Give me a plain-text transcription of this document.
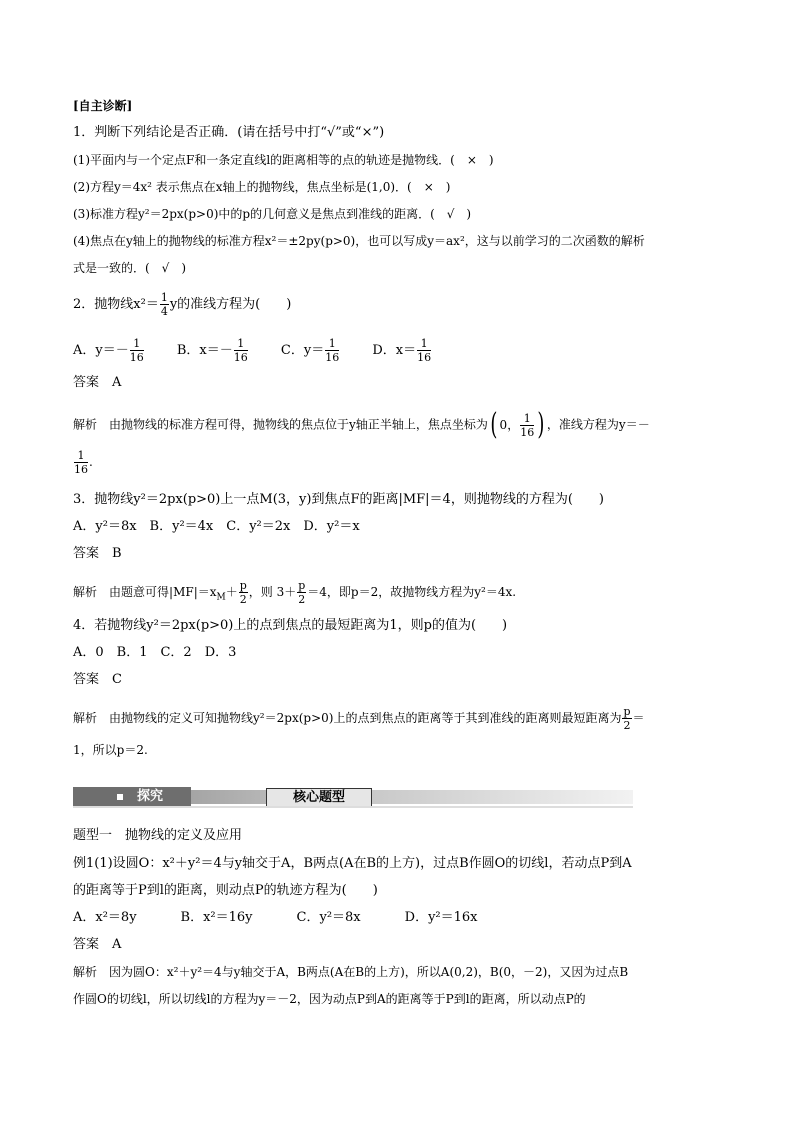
[自主诊断]
1．判断下列结论是否正确．(请在括号中打“√”或“×”)
(1)平面内与一个定点F和一条定直线l的距离相等的点的轨迹是抛物线．(　×　)
(2)方程y＝4x² 表示焦点在x轴上的抛物线，焦点坐标是(1,0)．(　×　)
(3)标准方程y²＝2px(p>0)中的p的几何意义是焦点到准线的距离．(　√　)
(4)焦点在y轴上的抛物线的标准方程x²＝±2py(p>0)，也可以写成y＝ax²，这与以前学习的二次函数的解析
式是一致的．(　√　)
2．抛物线$x^2= \frac{1}{4}$ y的准线方程为(　　)
A．$y=- \frac{1}{16}$	B．$x=- \frac{1}{16}$	C．$y= \frac{1}{16}$	D．$x= \frac{1}{16}$
答案　 A
解析　 由抛物线的标准方程可得，抛物线的焦点位于y轴正半轴上，焦点坐标为( 0， $\frac{1}{16}$ ) ，准线方程为y＝－
$\frac{1}{16}$ .
3．抛物线y²＝2px(p>0)上一点M(3，y)到焦点F的距离|MF|＝4，则抛物线的方程为(　　)
A．y²＝8x　B．y²＝4x　C．y²＝2x　D．y²＝x
答案　 B
解析　 由题意可得$|MF|=x_M+ \frac{p}{2}$ ，则 $3+ \frac{p}{2} =4$，即p＝2，故抛物线方程为y²＝4x.
4．若抛物线y²＝2px(p>0)上的点到焦点的最短距离为1，则p的值为(　　)
A．0　B．1　C．2　D．3
答案　 C
解析　 由抛物线的定义可知抛物线y²＝2px(p>0)上的点到焦点的距离等于其到准线的距离则最短距离为 $\frac{p}{2}$ ＝
1，所以p＝2.
探究	核心题型
题型一　抛物线的定义及应用
例1(1)设圆O：x²＋y²＝4与y轴交于A，B两点(A在B的上方)，过点B作圆O的切线l，若动点P到A
的距离等于P到l的距离，则动点P的轨迹方程为(　　)
A．x²＝8y	B．x²＝16y	C．y²＝8x	D．y²＝16x
答案　 A
解析　 因为圆O：x²＋y²＝4与y轴交于A，B两点(A在B的上方)，所以A(0,2)，B(0，－2)，又因为过点B
作圆O的切线l，所以切线l的方程为y＝－2，因为动点P到A的距离等于P到l的距离，所以动点P的
